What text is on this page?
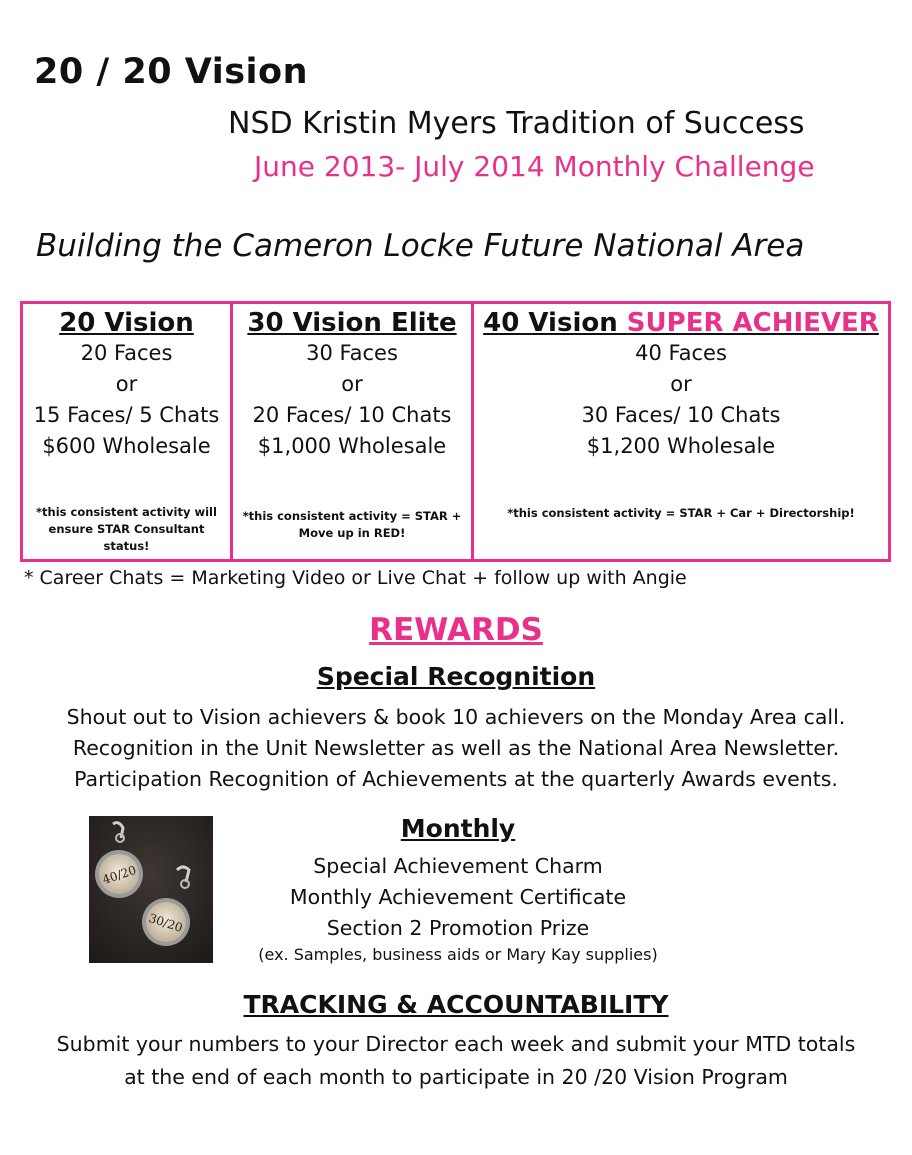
20 / 20 Vision
NSD Kristin Myers Tradition of Success
June 2013- July 2014 Monthly Challenge
Building the Cameron Locke Future National Area
20 Vision
20 Faces
or
15 Faces/ 5 Chats
$600 Wholesale
*this consistent activity will ensure STAR Consultant status!
30 Vision Elite
30 Faces
or
20 Faces/ 10 Chats
$1,000 Wholesale
*this consistent activity = STAR + Move up in RED!
40 Vision SUPER ACHIEVER
40 Faces
or
30 Faces/ 10 Chats
$1,200 Wholesale
*this consistent activity = STAR + Car + Directorship!
* Career Chats = Marketing Video or Live Chat + follow up with Angie
REWARDS
Special Recognition
Shout out to Vision achievers & book 10 achievers on the Monday Area call.
Recognition in the Unit Newsletter as well as the National Area Newsletter.
Participation Recognition of Achievements at the quarterly Awards events.
40/20
30/20
Monthly
Special Achievement Charm
Monthly Achievement Certificate
Section 2 Promotion Prize
(ex. Samples, business aids or Mary Kay supplies)
TRACKING & ACCOUNTABILITY
Submit your numbers to your Director each week and submit your MTD totals
at the end of each month to participate in 20 /20 Vision Program
